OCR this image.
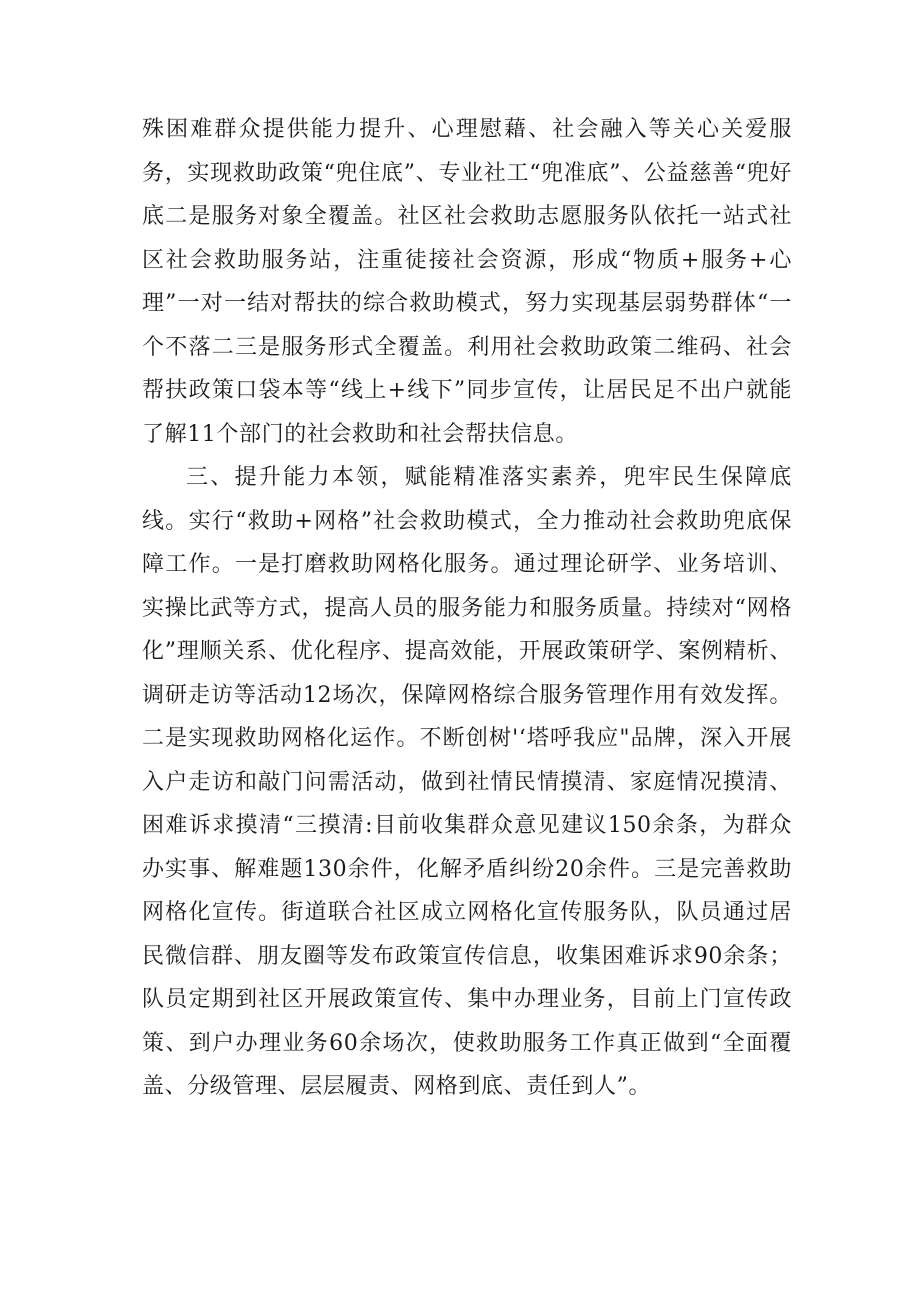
殊困难群众提供能力提升、心理慰藉、社会融入等关心关爱服务，实现救助政策“兜住底”、专业社工“兜准底”、公益慈善“兜好底二是服务对象全覆盖。社区社会救助志愿服务队依托一站式社区社会救助服务站，注重徒接社会资源，形成“物质+服务+心理”一对一结对帮扶的综合救助模式，努力实现基层弱势群体“一个不落二三是服务形式全覆盖。利用社会救助政策二维码、社会帮扶政策口袋本等“线上+线下”同步宣传，让居民足不出户就能了解11个部门的社会救助和社会帮扶信息。

三、提升能力本领，赋能精准落实素养，兜牢民生保障底线。实行“救助+网格”社会救助模式，全力推动社会救助兜底保障工作。一是打磨救助网格化服务。通过理论研学、业务培训、实操比武等方式，提高人员的服务能力和服务质量。持续对“网格化”理顺关系、优化程序、提高效能，开展政策研学、案例精析、调研走访等活动12场次，保障网格综合服务管理作用有效发挥。二是实现救助网格化运作。不断创树'‘塔呼我应"品牌，深入开展入户走访和敲门问需活动，做到社情民情摸清、家庭情况摸清、困难诉求摸清“三摸清:目前收集群众意见建议150余条，为群众办实事、解难题130余件，化解矛盾纠纷20余件。三是完善救助网格化宣传。街道联合社区成立网格化宣传服务队，队员通过居民微信群、朋友圈等发布政策宣传信息，收集困难诉求90余条；队员定期到社区开展政策宣传、集中办理业务，目前上门宣传政策、到户办理业务60余场次，使救助服务工作真正做到“全面覆盖、分级管理、层层履责、网格到底、责任到人”。
